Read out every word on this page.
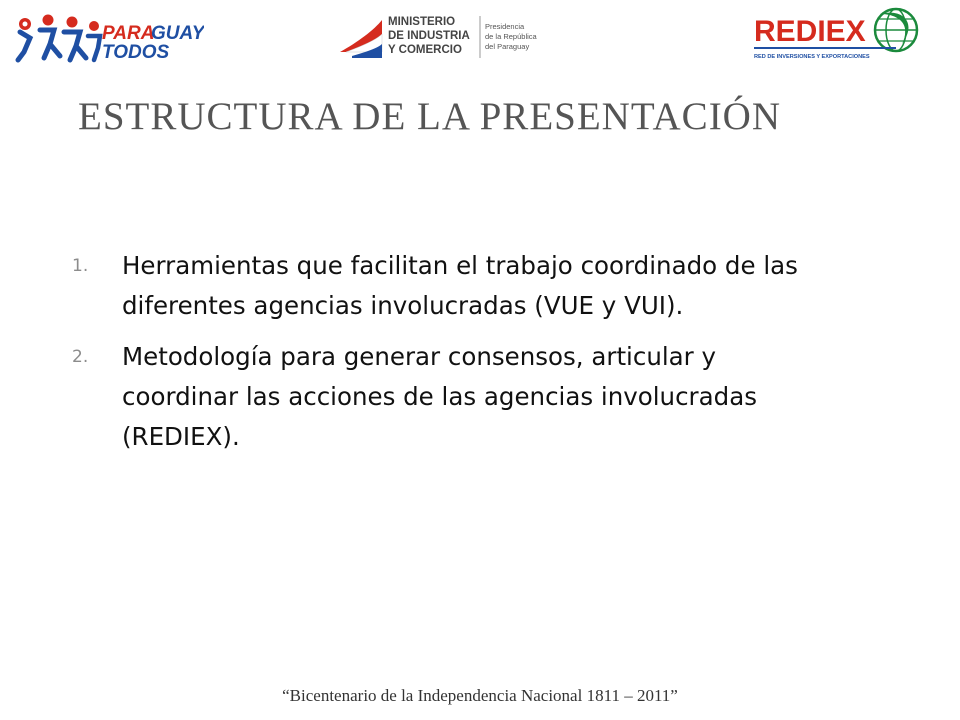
PARA
GUAY
TODOS
MINISTERIO
DE INDUSTRIA
Y COMERCIO
Presidencia
de la República
del Paraguay	REDIEX
RED DE INVERSIONES Y EXPORTACIONES
ESTRUCTURA DE LA PRESENTACIÓN
1. Herramientas que facilitan el trabajo coordinado de las
diferentes agencias involucradas (VUE y VUI).
2. Metodología para generar consensos, articular y
coordinar las acciones de las agencias involucradas
(REDIEX).
“Bicentenario de la Independencia Nacional 1811 – 2011”
